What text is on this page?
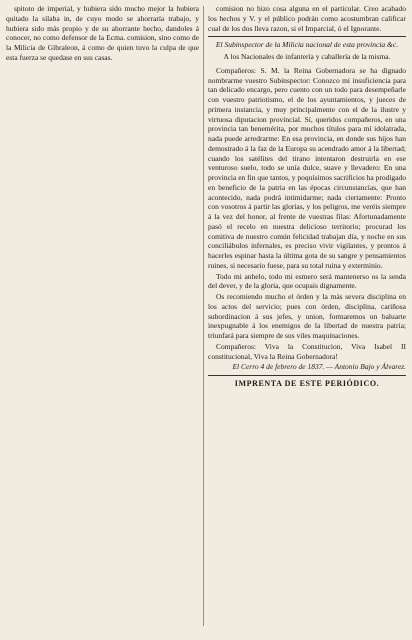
spitoto de imperial, y hubiera sido mucho mejor la hubiera quitado la silaba in, de cuyo modo se ahorraría trabajo, y hubiera sido más propio y de su ahorrante hecho, dandoles á conocer, no como defensor de la Ecma. comision, sino como de la Milicia de Gibraleon, á como de quien tuvo la culpa de que esta fuerza se quedase en sus casas.

comision no hizo cosa alguna en el particular. Creo acabado los hechos y V. y el público podrán como acostumbran calificar cual de los dos lleva razon, si el Imparcial, ó el Ignorante.

El Subinspector de la Milicia nacional de esta provincia &c.
A los Nacionales de infantería y caballería de la misma.

Compañeros: S. M. la Reina Gobernadora se ha dignado nombrarme vuestro Subinspector: Conozco mi insuficiencia para tan delicado encargo, pero cuento con un todo para desempeñarle con vuestro patriotismo, el de los ayuntamientos, y jueces de primera instancia, y muy principalmente con el de la ilustre y virtuosa diputacion provincial. Sí, queridos compañeros, en una provincia tan benemérita, por muchos títulos para mí idolatrada, nada puede arredrarme: En esa provincia, en donde sus hijos han demostrado á la faz de la Europa su acendrado amor á la libertad; cuando los satélites del tirano intentaron destruirla en ese venturoso suelo, todo se unía dulce, suave y llevadero: En una provincia en fin que tantos, y poquísimos sacrificios ha prodigado en beneficio de la patria en las épocas circunstancias, que han acontecido, nada podrá intimidarme; nada ciertamente: Pronto con vosotros á partir las glorias, y los peligros, me veréis siempre á la vez del honor, al frente de vuestras filas: Afortunadamente pasó el recelo en nuestra delicioso territorio; procurad los comitiva de nuestro común felicidad trabajan día, y noche en sus conciliábulos infernales, es preciso vivir vigilantes, y prontos á hacerles espinar hasta la última gota de su sangre y pensamientos ruines, si necesario fuese, para su total ruina y exterminio.

Todo mi anhelo, todo mi esmero será mantenerso os la senda del dever, y de la gloria, que ocupais dignamente.

Os recomiendo mucho el órden y la más severa disciplina en los actos del servicio; pues con órden, disciplina, cariñosa subordinacion á sus jefes, y union, formaremos un baluarte inexpugnable á los enemigos de la libertad de nuestra patria; triunfará para siempre de sus viles maquinaciones.

Compañeros: Viva la Constitucion, Viva Isabel II constitucional, Viva la Reina Gobernadora!

El Cerro 4 de febrero de 1837. — Antonio Bajo y Álvarez.
IMPRENTA DE ESTE PERIÓDICO.
